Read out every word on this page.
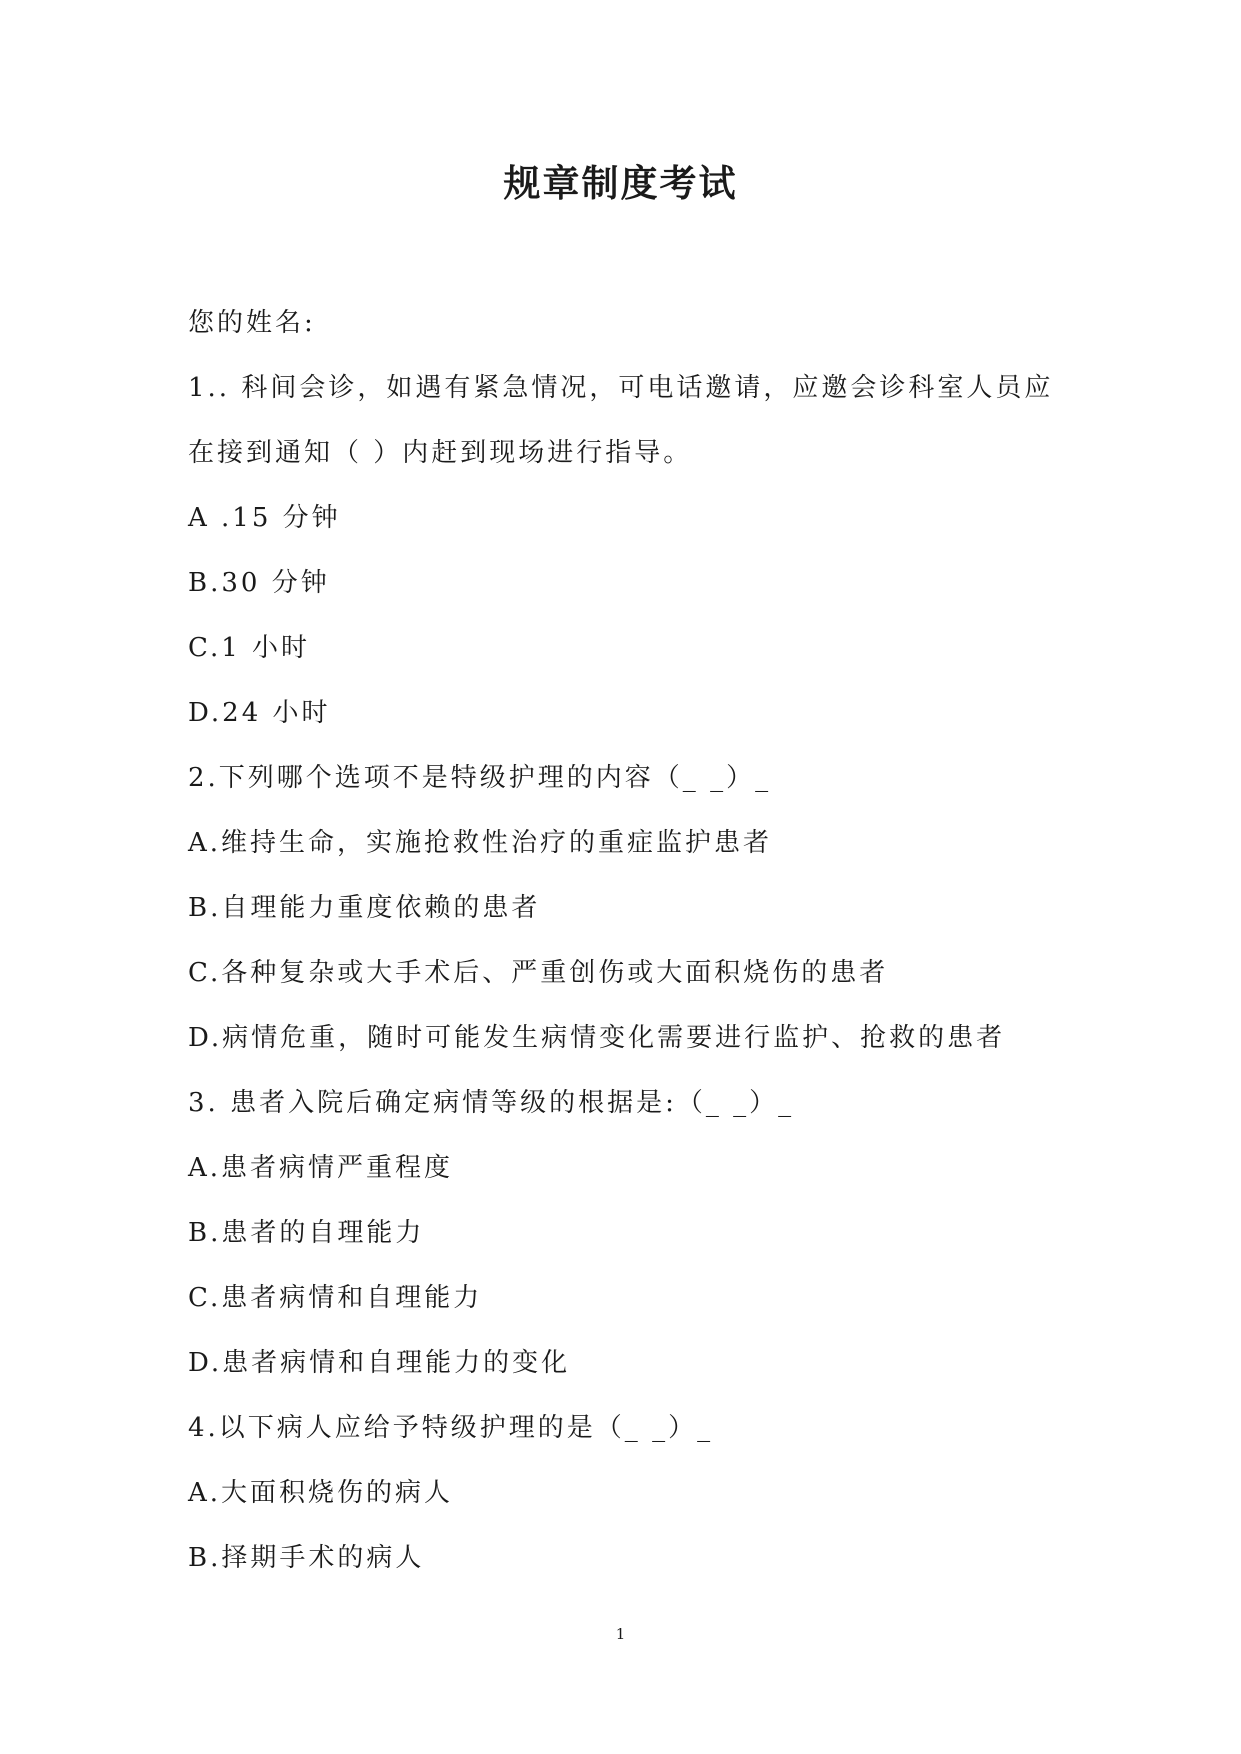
规章制度考试
您的姓名:
1.. 科间会诊，如遇有紧急情况，可电话邀请，应邀会诊科室人员应
在接到通知（ ）内赶到现场进行指导。
A .15 分钟
B.30 分钟
C.1 小时
D.24 小时
2.下列哪个选项不是特级护理的内容（_ _）_
A.维持生命，实施抢救性治疗的重症监护患者
B.自理能力重度依赖的患者
C.各种复杂或大手术后、严重创伤或大面积烧伤的患者
D.病情危重，随时可能发生病情变化需要进行监护、抢救的患者
3. 患者入院后确定病情等级的根据是:（_ _）_
A.患者病情严重程度
B.患者的自理能力
C.患者病情和自理能力
D.患者病情和自理能力的变化
4.以下病人应给予特级护理的是（_ _）_
A.大面积烧伤的病人
B.择期手术的病人
1
